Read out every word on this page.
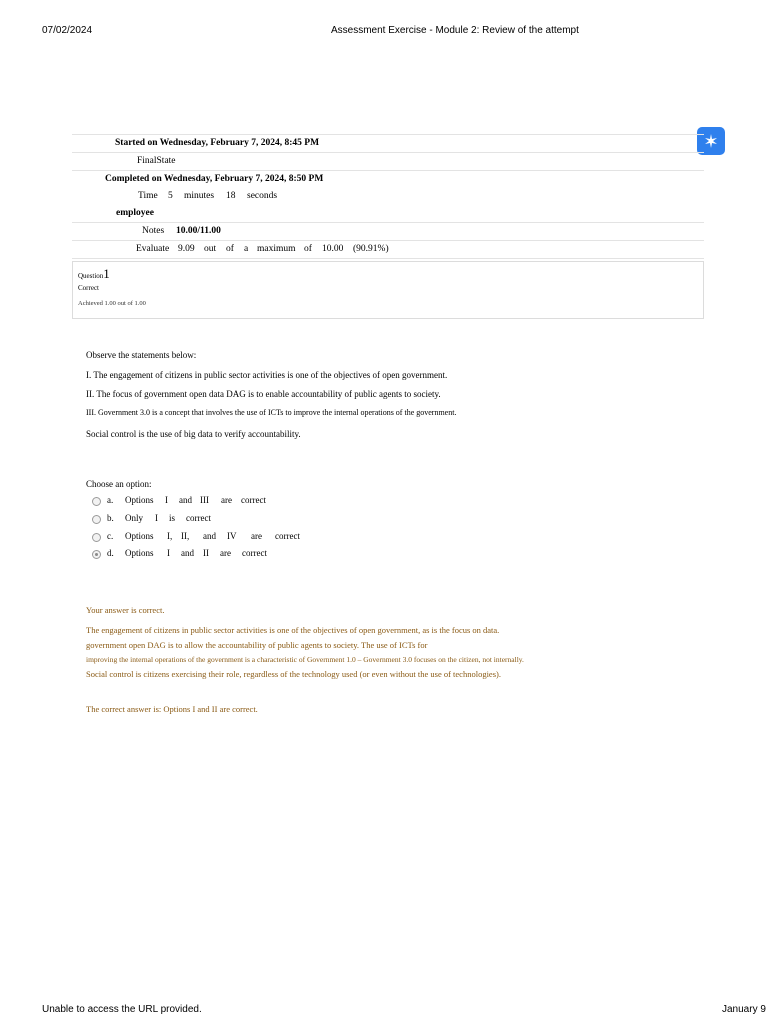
07/02/2024	Assessment Exercise - Module 2: Review of the attempt
Started on Wednesday, February 7, 2024, 8:45 PM
FinalState
Completed on Wednesday, February 7, 2024, 8:50 PM
Time 5 minutes 18 seconds
employee
Notes 10.00/11.00
Evaluate 9.09 out of a maximum of 10.00 (90.91%)
Question1
Correct
Achieved 1.00 out of 1.00
Observe the statements below:
I. The engagement of citizens in public sector activities is one of the objectives of open government.
II. The focus of government open data DAG is to enable accountability of public agents to society.
III. Government 3.0 is a concept that involves the use of ICTs to improve the internal operations of the government.
Social control is the use of big data to verify accountability.
Choose an option:
a. Options	I	and III	are	correct
b. Only	I	is	correct
c. Options	I, II,	and	IV	are	correct
d. Options	I	and	II	are	correct
Your answer is correct.
The engagement of citizens in public sector activities is one of the objectives of open government, as is the focus on data.
government open DAG is to allow the accountability of public agents to society. The use of ICTs for
improving the internal operations of the government is a characteristic of Government 1.0 – Government 3.0 focuses on the citizen, not internally.
Social control is citizens exercising their role, regardless of the technology used (or even without the use of technologies).
The correct answer is: Options I and II are correct.
Unable to access the URL provided.	January 9
